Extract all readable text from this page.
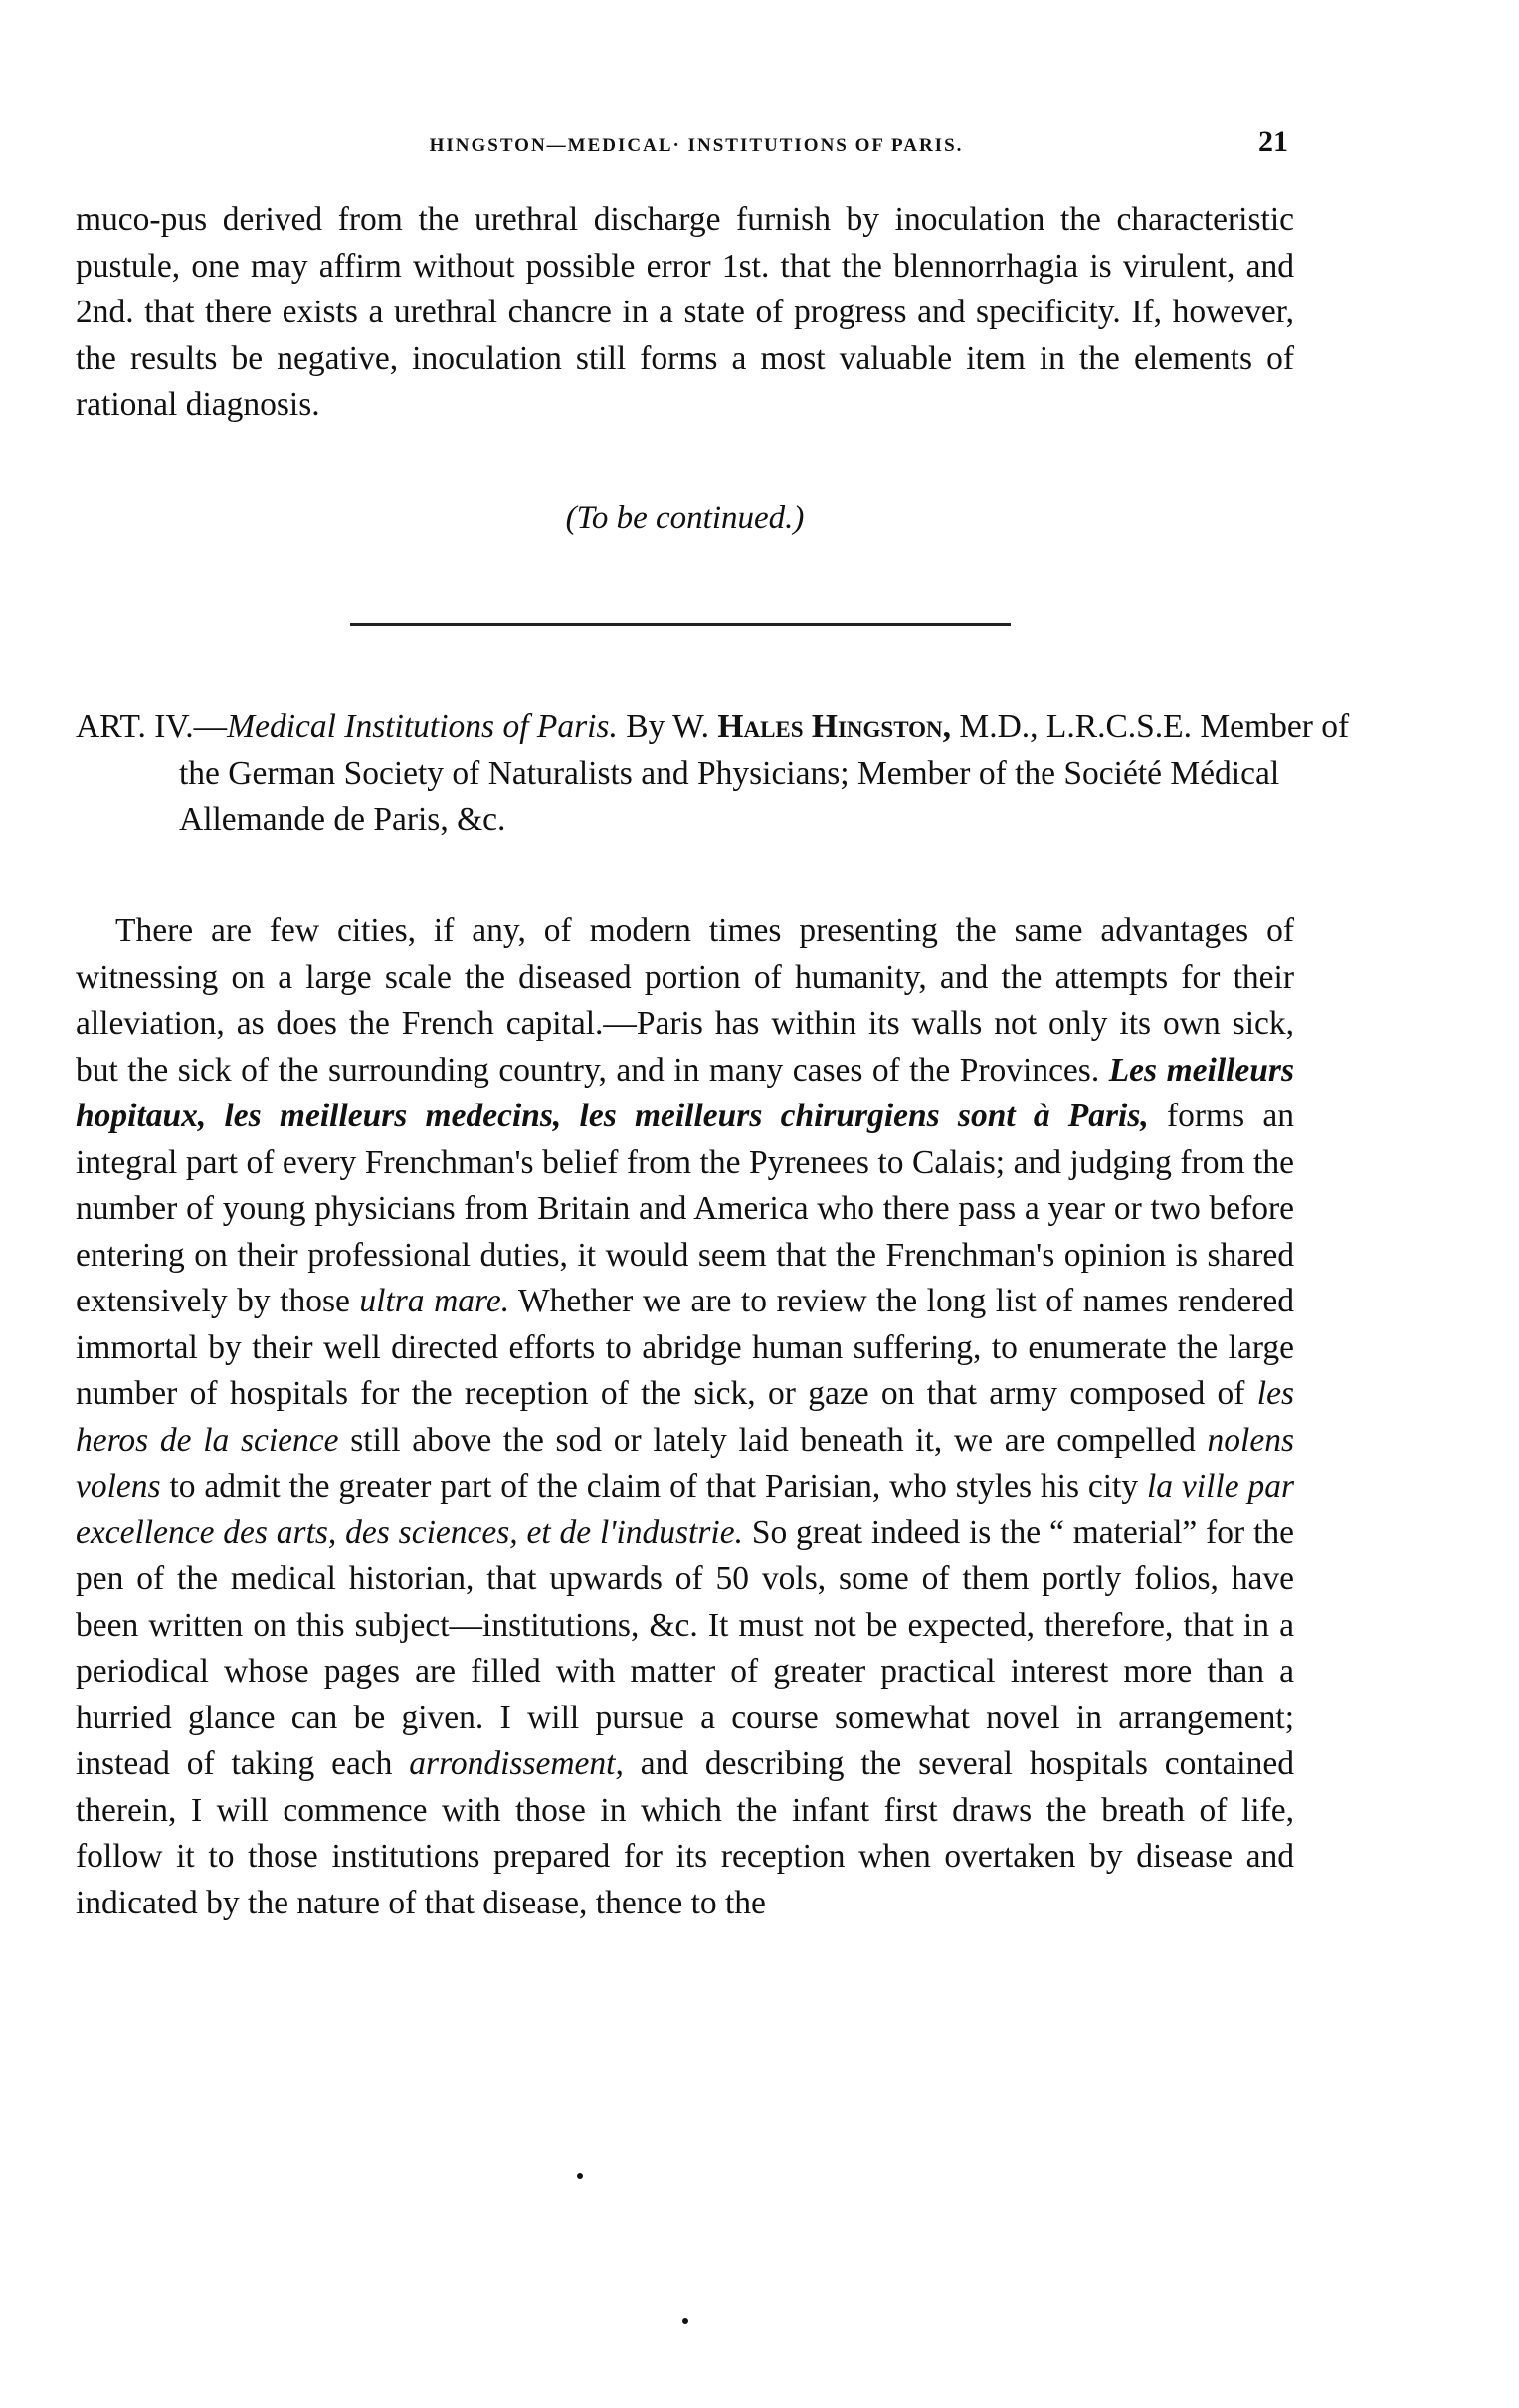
HINGSTON—MEDICAL· INSTITUTIONS OF PARIS.	21

muco-pus derived from the urethral discharge furnish by inoculation the characteristic pustule, one may affirm without possible error 1st. that the blennorrhagia is virulent, and 2nd. that there exists a urethral chancre in a state of progress and specificity. If, however, the results be negative, inoculation still forms a most valuable item in the elements of rational diagnosis.

(To be continued.)

ART. IV.—Medical Institutions of Paris. By W. Hales Hingston, M.D., L.R.C.S.E. Member of the German Society of Naturalists and Physicians; Member of the Société Médical Allemande de Paris, &c.

There are few cities, if any, of modern times presenting the same advantages of witnessing on a large scale the diseased portion of humanity, and the attempts for their alleviation, as does the French capital.—Paris has within its walls not only its own sick, but the sick of the surrounding country, and in many cases of the Provinces. Les meilleurs hopitaux, les meilleurs medecins, les meilleurs chirurgiens sont à Paris, forms an integral part of every Frenchman's belief from the Pyrenees to Calais; and judging from the number of young physicians from Britain and America who there pass a year or two before entering on their professional duties, it would seem that the Frenchman's opinion is shared extensively by those ultra mare. Whether we are to review the long list of names rendered immortal by their well directed efforts to abridge human suffering, to enumerate the large number of hospitals for the reception of the sick, or gaze on that army composed of les heros de la science still above the sod or lately laid beneath it, we are compelled nolens volens to admit the greater part of the claim of that Parisian, who styles his city la ville par excellence des arts, des sciences, et de l'industrie. So great indeed is the “ material” for the pen of the medical historian, that upwards of 50 vols, some of them portly folios, have been written on this subject—institutions, &c. It must not be expected, therefore, that in a periodical whose pages are filled with matter of greater practical interest more than a hurried glance can be given. I will pursue a course somewhat novel in arrangement; instead of taking each arrondissement, and describing the several hospitals contained therein, I will commence with those in which the infant first draws the breath of life, follow it to those institutions prepared for its reception when overtaken by disease and indicated by the nature of that disease, thence to the
